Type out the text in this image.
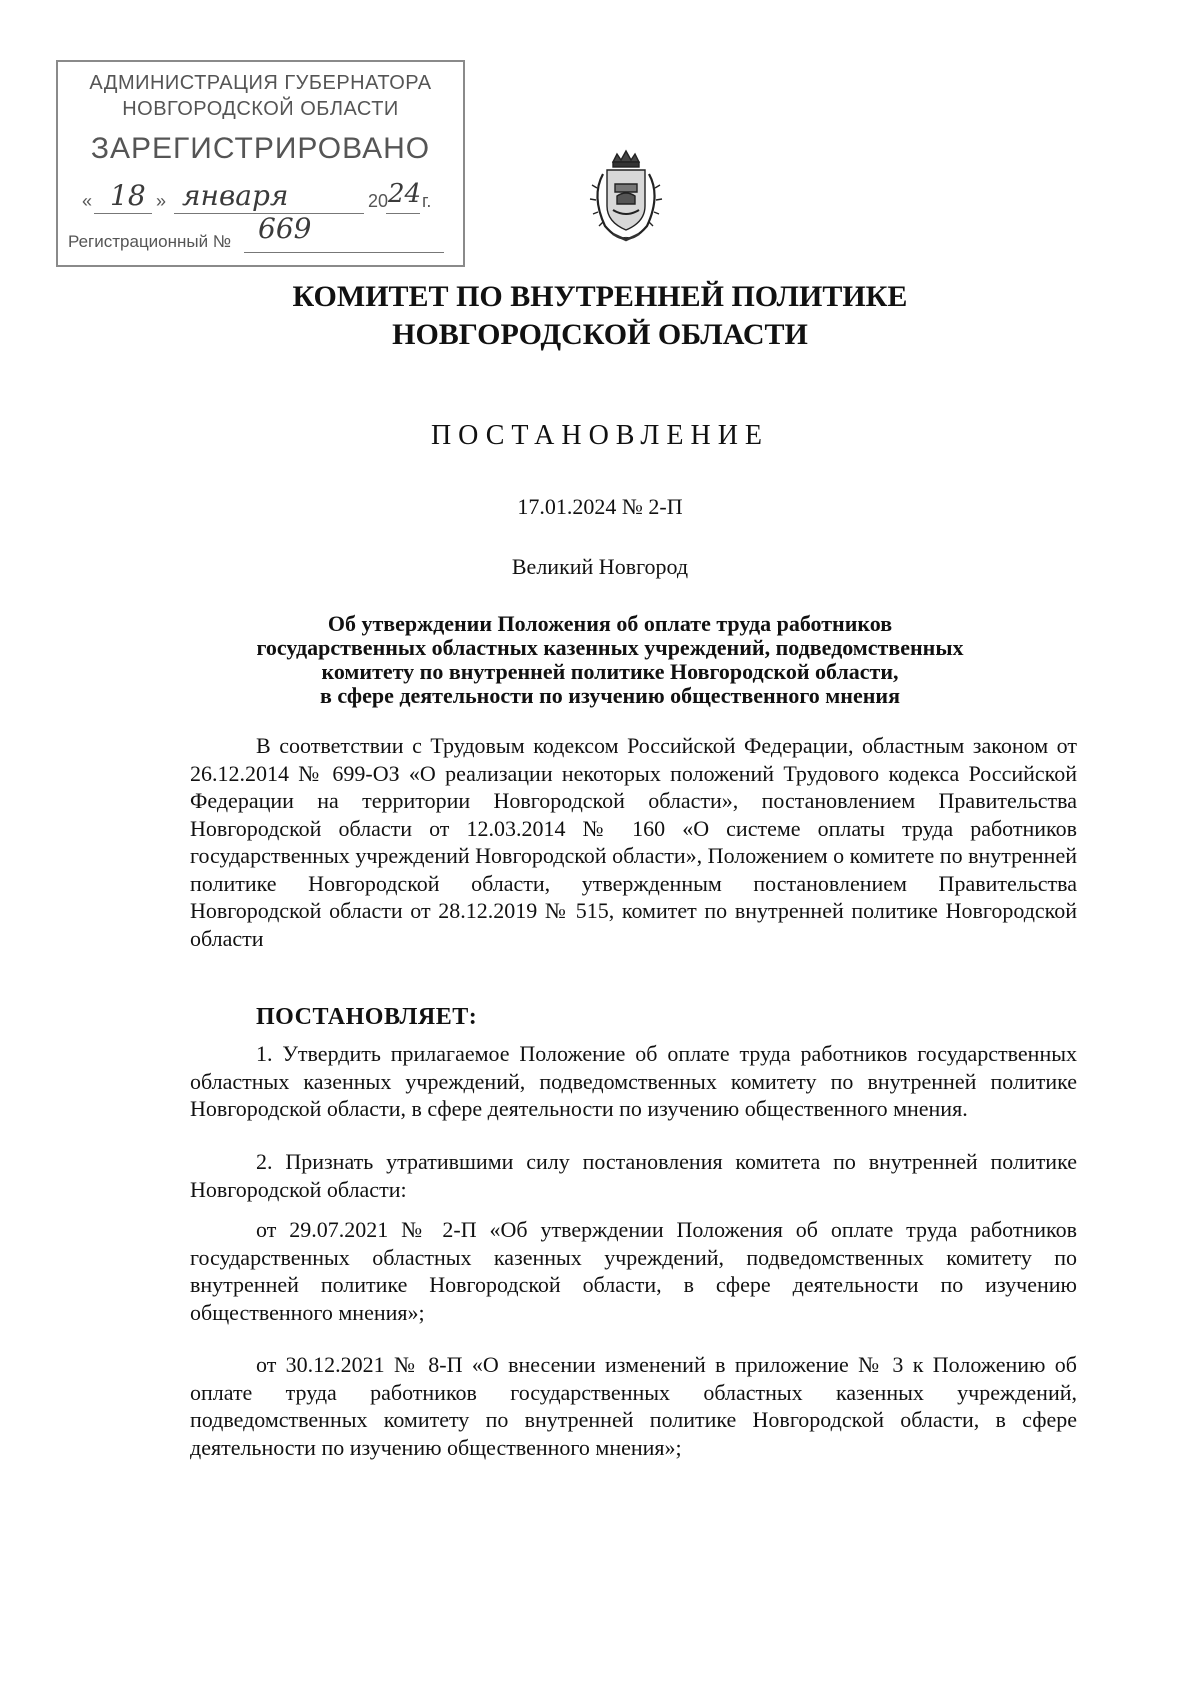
АДМИНИСТРАЦИЯ ГУБЕРНАТОРА
НОВГОРОДСКОЙ ОБЛАСТИ
ЗАРЕГИСТРИРОВАНО
« 18 » января	20 24 г.
Регистрационный № 669
КОМИТЕТ ПО ВНУТРЕННЕЙ ПОЛИТИКЕ
НОВГОРОДСКОЙ ОБЛАСТИ
ПОСТАНОВЛЕНИЕ
17.01.2024 № 2-П
Великий Новгород
Об утверждении Положения об оплате труда работников
государственных областных казенных учреждений, подведомственных
комитету по внутренней политике Новгородской области,
в сфере деятельности по изучению общественного мнения
В соответствии с Трудовым кодексом Российской Федерации, областным законом от 26.12.2014 № 699-ОЗ «О реализации некоторых положений Трудового кодекса Российской Федерации на территории Новгородской области», постановлением Правительства Новгородской области от 12.03.2014 № 160 «О системе оплаты труда работников государственных учреждений Новгородской области», Положением о комитете по внутренней политике Новгородской области, утвержденным постановлением Правительства Новгородской области от 28.12.2019 № 515, комитет по внутренней политике Новгородской области
ПОСТАНОВЛЯЕТ:
1. Утвердить прилагаемое Положение об оплате труда работников государственных областных казенных учреждений, подведомственных комитету по внутренней политике Новгородской области, в сфере деятельности по изучению общественного мнения.
2. Признать утратившими силу постановления комитета по внутренней политике Новгородской области:
от 29.07.2021 № 2-П «Об утверждении Положения об оплате труда работников государственных областных казенных учреждений, подведомственных комитету по внутренней политике Новгородской области, в сфере деятельности по изучению общественного мнения»;
от 30.12.2021 № 8-П «О внесении изменений в приложение № 3 к Положению об оплате труда работников государственных областных казенных учреждений, подведомственных комитету по внутренней политике Новгородской области, в сфере деятельности по изучению общественного мнения»;
